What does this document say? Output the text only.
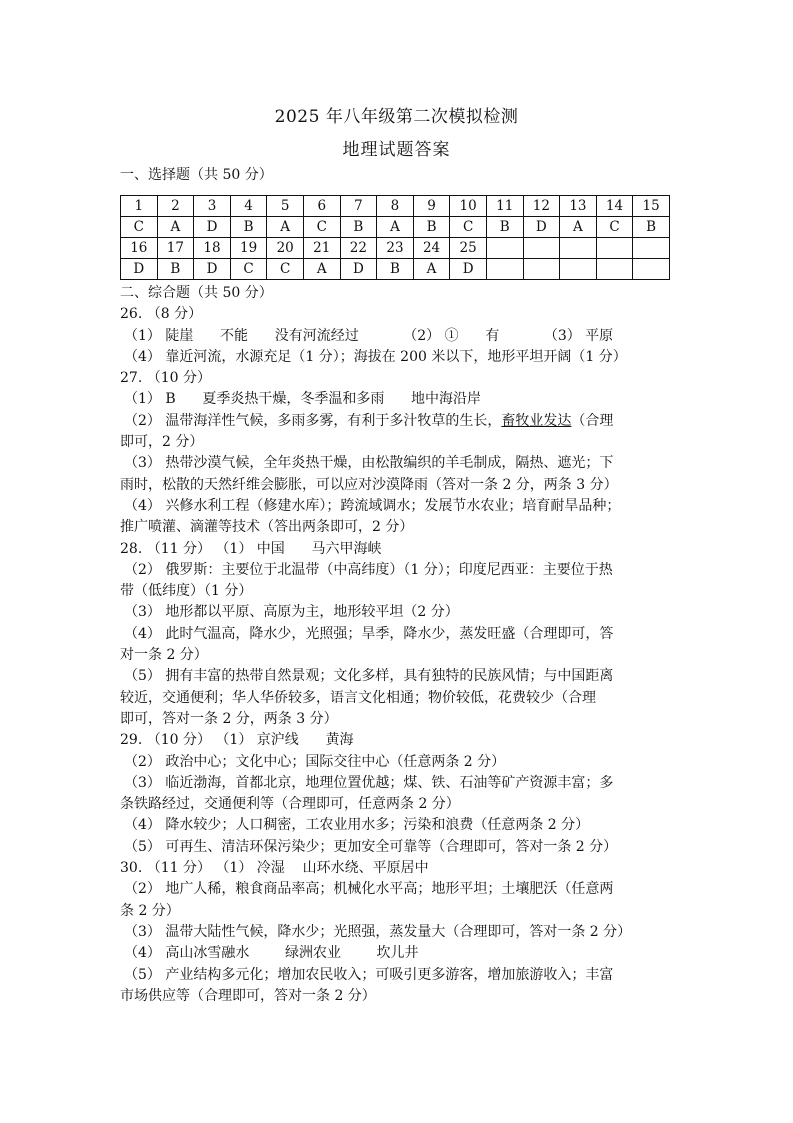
2025 年八年级第二次模拟检测
地理试题答案
一、选择题（共 50 分）
1	2	3	4	5	6	7	8	9	10	11	12	13	14	15
C	A	D	B	A	C	B	A	B	C	B	D	A	C	B
16	17	18	19	20	21	22	23	24	25					
D	B	D	C	C	A	D	B	A	D					

二、综合题（共 50 分）

26. （8 分）

（1） 陡崖      不能      没有河流经过          （2） ①      有          （3） 平原

（4） 靠近河流，水源充足（1 分）；海拔在 200 米以下，地形平坦开阔（1 分）

27. （10 分）

（1） B      夏季炎热干燥，冬季温和多雨      地中海沿岸

（2） 温带海洋性气候，多雨多雾，有利于多汁牧草的生长，畜牧业发达（合理

即可，2 分）

（3） 热带沙漠气候，全年炎热干燥，由松散编织的羊毛制成，隔热、遮光；下

雨时，松散的天然纤维会膨胀，可以应对沙漠降雨（答对一条 2 分，两条 3 分）

（4） 兴修水利工程（修建水库）；跨流域调水；发展节水农业；培育耐旱品种；

推广喷灌、滴灌等技术（答出两条即可，2 分）

28. （11 分） （1） 中国      马六甲海峡

（2） 俄罗斯：主要位于北温带（中高纬度）（1 分）；印度尼西亚：主要位于热

带（低纬度）（1 分）

（3） 地形都以平原、高原为主，地形较平坦（2 分）

（4） 此时气温高，降水少，光照强；旱季，降水少，蒸发旺盛（合理即可，答

对一条 2 分）

（5） 拥有丰富的热带自然景观；文化多样，具有独特的民族风情；与中国距离

较近，交通便利；华人华侨较多，语言文化相通；物价较低，花费较少（合理

即可，答对一条 2 分，两条 3 分）

29. （10 分） （1） 京沪线      黄海

（2） 政治中心；文化中心；国际交往中心（任意两条 2 分）

（3） 临近渤海，首都北京，地理位置优越；煤、铁、石油等矿产资源丰富；多

条铁路经过，交通便利等（合理即可，任意两条 2 分）

（4） 降水较少；人口稠密，工农业用水多；污染和浪费（任意两条 2 分）

（5） 可再生、清洁环保污染少；更加安全可靠等（合理即可，答对一条 2 分）

30. （11 分） （1） 冷湿    山环水绕、平原居中

（2） 地广人稀，粮食商品率高；机械化水平高；地形平坦；土壤肥沃（任意两

条 2 分）

（3） 温带大陆性气候，降水少；光照强，蒸发量大（合理即可，答对一条 2 分）

（4） 高山冰雪融水        绿洲农业        坎儿井

（5） 产业结构多元化；增加农民收入；可吸引更多游客，增加旅游收入；丰富

市场供应等（合理即可，答对一条 2 分）
